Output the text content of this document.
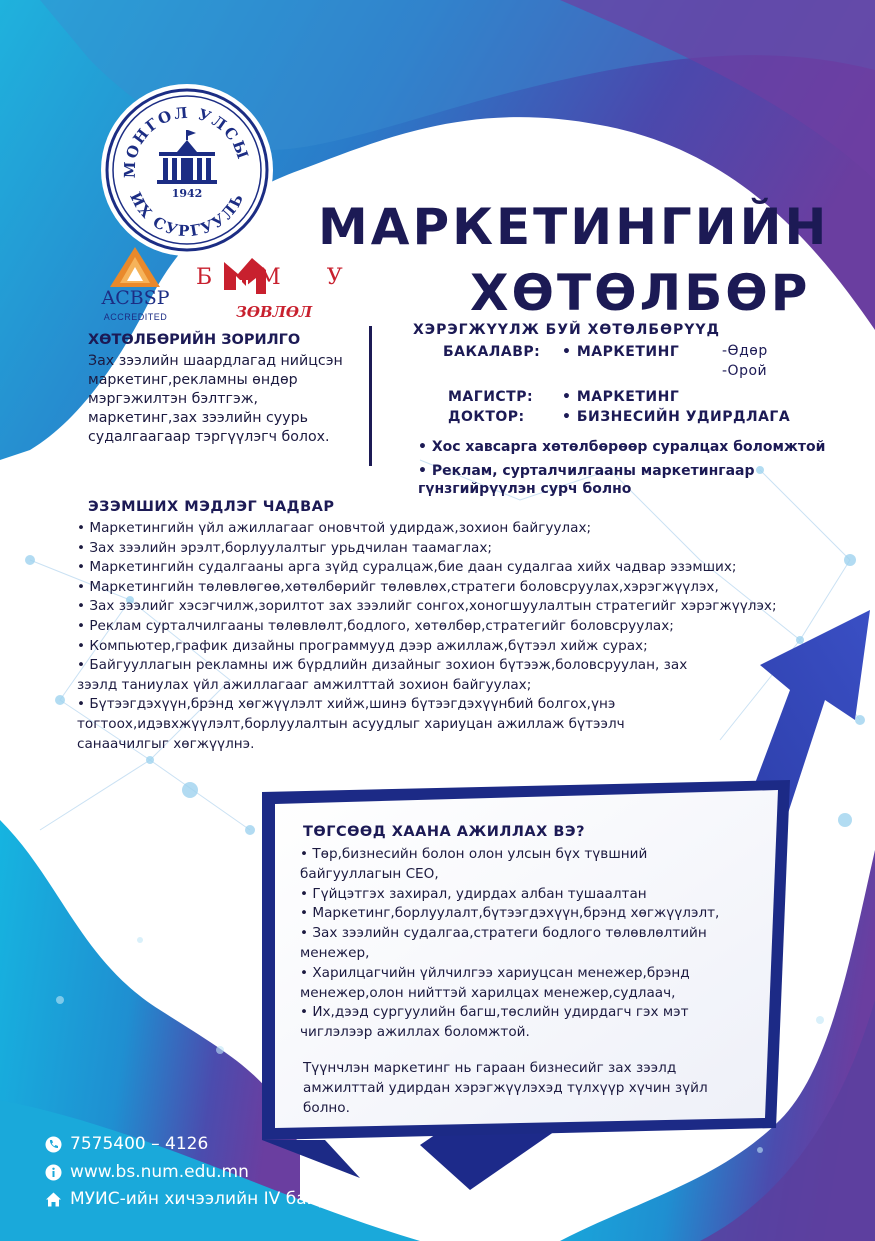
МОНГОЛ УЛСЫ
ИХ СУРГУУЛЬ
1942
ACBSP
ACCREDITED
БМУ
ЗӨВЛӨЛ
МАРКЕТИНГИЙН
ХӨТӨЛБӨР
ХӨТӨЛБӨРИЙН ЗОРИЛГО
Зах зээлийн шаардлагад нийцсэн маркетинг,рекламны өндөр мэргэжилтэн бэлтгэж, маркетинг,зах зээлийн суурь судалгаагаар тэргүүлэгч болох.
ХЭРЭГЖҮҮЛЖ БУЙ ХӨТӨЛБӨРҮҮД
БАКАЛАВР: • МАРКЕТИНГ	-Өдөр
-Орой
МАГИСТР: • МАРКЕТИНГ
ДОКТОР:	• БИЗНЕСИЙН УДИРДЛАГА
• Хос хавсарга хөтөлбөрөөр суралцах боломжтой
• Реклам, сурталчилгааны маркетингаар гүнзгийрүүлэн сурч болно
ЭЗЭМШИХ МЭДЛЭГ ЧАДВАР
• Маркетингийн үйл ажиллагааг оновчтой удирдаж,зохион байгуулах;
• Зах зээлийн эрэлт,борлуулалтыг урьдчилан таамаглах;
• Маркетингийн судалгааны арга зүйд суралцаж,бие даан судалгаа хийх чадвар эзэмших;
• Маркетингийн төлөвлөгөө,хөтөлбөрийг төлөвлөх,стратеги боловсруулах,хэрэгжүүлэх,
• Зах зээлийг хэсэгчилж,зорилтот зах зээлийг сонгох,хоногшуулалтын стратегийг хэрэгжүүлэх;
• Реклам сурталчилгааны төлөвлөлт,бодлого, хөтөлбөр,стратегийг боловсруулах;
• Компьютер,график дизайны программууд дээр ажиллаж,бүтээл хийж сурах;
• Байгууллагын рекламны иж бүрдлийн дизайныг зохион бүтээж,боловсруулан, зах зээлд таниулах үйл ажиллагааг амжилттай зохион байгуулах;
• Бүтээгдэхүүн,брэнд хөгжүүлэлт хийж,шинэ бүтээгдэхүүнбий болгох,үнэ тогтоох,идэвхжүүлэлт,борлуулалтын асуудлыг хариуцан ажиллаж бүтээлч санаачилгыг хөгжүүлнэ.
ТӨГСӨӨД ХААНА АЖИЛЛАХ ВЭ?
• Төр,бизнесийн болон олон улсын бүх түвшний байгууллагын CEO,
• Гүйцэтгэх захирал, удирдах албан тушаалтан
• Маркетинг,борлуулалт,бүтээгдэхүүн,брэнд хөгжүүлэлт,
• Зах зээлийн судалгаа,стратеги бодлого төлөвлөлтийн менежер,
• Харилцагчийн үйлчилгээ хариуцсан менежер,брэнд менежер,олон нийттэй харилцах менежер,судлаач,
• Их,дээд сургуулийн багш,төслийн удирдагч гэх мэт чиглэлээр ажиллах боломжтой.
Түүнчлэн маркетинг нь гараан бизнесийг зах зээлд амжилттай удирдан хэрэгжүүлэхэд түлхүүр хүчин зүйл болно.
7575400 – 4126
www.bs.num.edu.mn
МУИС-ийн хичээлийн IV байр 209 тоот
